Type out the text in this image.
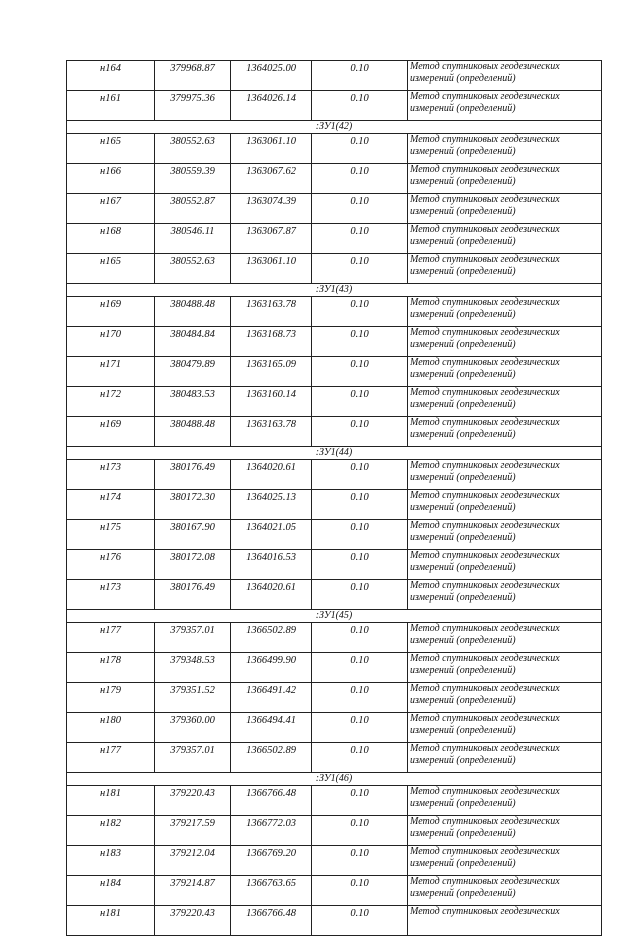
н164	379968.87	1364025.00	0.10	Метод спутниковых геодезических
измерений (определений)

н161	379975.36	1364026.14	0.10	Метод спутниковых геодезических
измерений (определений)

:ЗУ1(42)				
н165	380552.63	1363061.10	0.10	Метод спутниковых геодезических
измерений (определений)

н166	380559.39	1363067.62	0.10	Метод спутниковых геодезических
измерений (определений)

н167	380552.87	1363074.39	0.10	Метод спутниковых геодезических
измерений (определений)

н168	380546.11	1363067.87	0.10	Метод спутниковых геодезических
измерений (определений)

н165	380552.63	1363061.10	0.10	Метод спутниковых геодезических
измерений (определений)

:ЗУ1(43)				
н169	380488.48	1363163.78	0.10	Метод спутниковых геодезических
измерений (определений)

н170	380484.84	1363168.73	0.10	Метод спутниковых геодезических
измерений (определений)

н171	380479.89	1363165.09	0.10	Метод спутниковых геодезических
измерений (определений)

н172	380483.53	1363160.14	0.10	Метод спутниковых геодезических
измерений (определений)

н169	380488.48	1363163.78	0.10	Метод спутниковых геодезических
измерений (определений)

:ЗУ1(44)				
н173	380176.49	1364020.61	0.10	Метод спутниковых геодезических
измерений (определений)

н174	380172.30	1364025.13	0.10	Метод спутниковых геодезических
измерений (определений)

н175	380167.90	1364021.05	0.10	Метод спутниковых геодезических
измерений (определений)

н176	380172.08	1364016.53	0.10	Метод спутниковых геодезических
измерений (определений)

н173	380176.49	1364020.61	0.10	Метод спутниковых геодезических
измерений (определений)

:ЗУ1(45)				
н177	379357.01	1366502.89	0.10	Метод спутниковых геодезических
измерений (определений)

н178	379348.53	1366499.90	0.10	Метод спутниковых геодезических
измерений (определений)

н179	379351.52	1366491.42	0.10	Метод спутниковых геодезических
измерений (определений)

н180	379360.00	1366494.41	0.10	Метод спутниковых геодезических
измерений (определений)

н177	379357.01	1366502.89	0.10	Метод спутниковых геодезических
измерений (определений)

:ЗУ1(46)				
н181	379220.43	1366766.48	0.10	Метод спутниковых геодезических
измерений (определений)

н182	379217.59	1366772.03	0.10	Метод спутниковых геодезических
измерений (определений)

н183	379212.04	1366769.20	0.10	Метод спутниковых геодезических
измерений (определений)

н184	379214.87	1366763.65	0.10	Метод спутниковых геодезических
измерений (определений)

н181	379220.43	1366766.48	0.10	Метод спутниковых геодезических
